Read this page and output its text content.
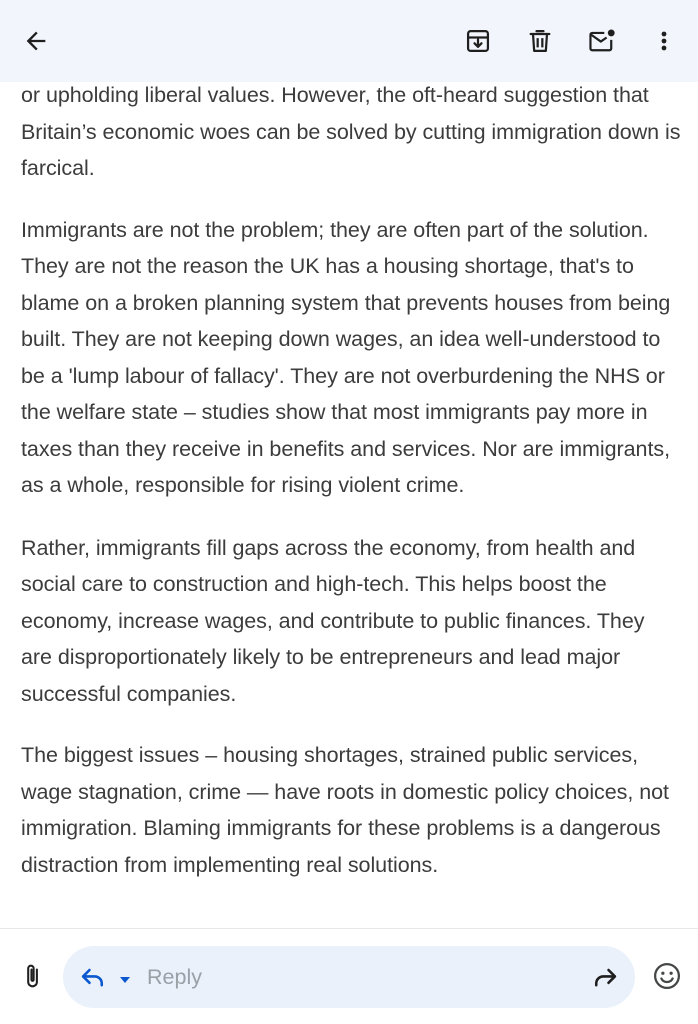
or upholding liberal values. However, the oft-heard suggestion that Britain’s economic woes can be solved by cutting immigration down is farcical.

Immigrants are not the problem; they are often part of the solution. They are not the reason the UK has a housing shortage, that's to blame on a broken planning system that prevents houses from being built. They are not keeping down wages, an idea well-understood to be a 'lump labour of fallacy'. They are not overburdening the NHS or the welfare state – studies show that most immigrants pay more in taxes than they receive in benefits and services. Nor are immigrants, as a whole, responsible for rising violent crime.

Rather, immigrants fill gaps across the economy, from health and social care to construction and high-tech. This helps boost the economy, increase wages, and contribute to public finances. They are disproportionately likely to be entrepreneurs and lead major successful companies.

The biggest issues – housing shortages, strained public services, wage stagnation, crime — have roots in domestic policy choices, not immigration. Blaming immigrants for these problems is a dangerous distraction from implementing real solutions.

Reply
